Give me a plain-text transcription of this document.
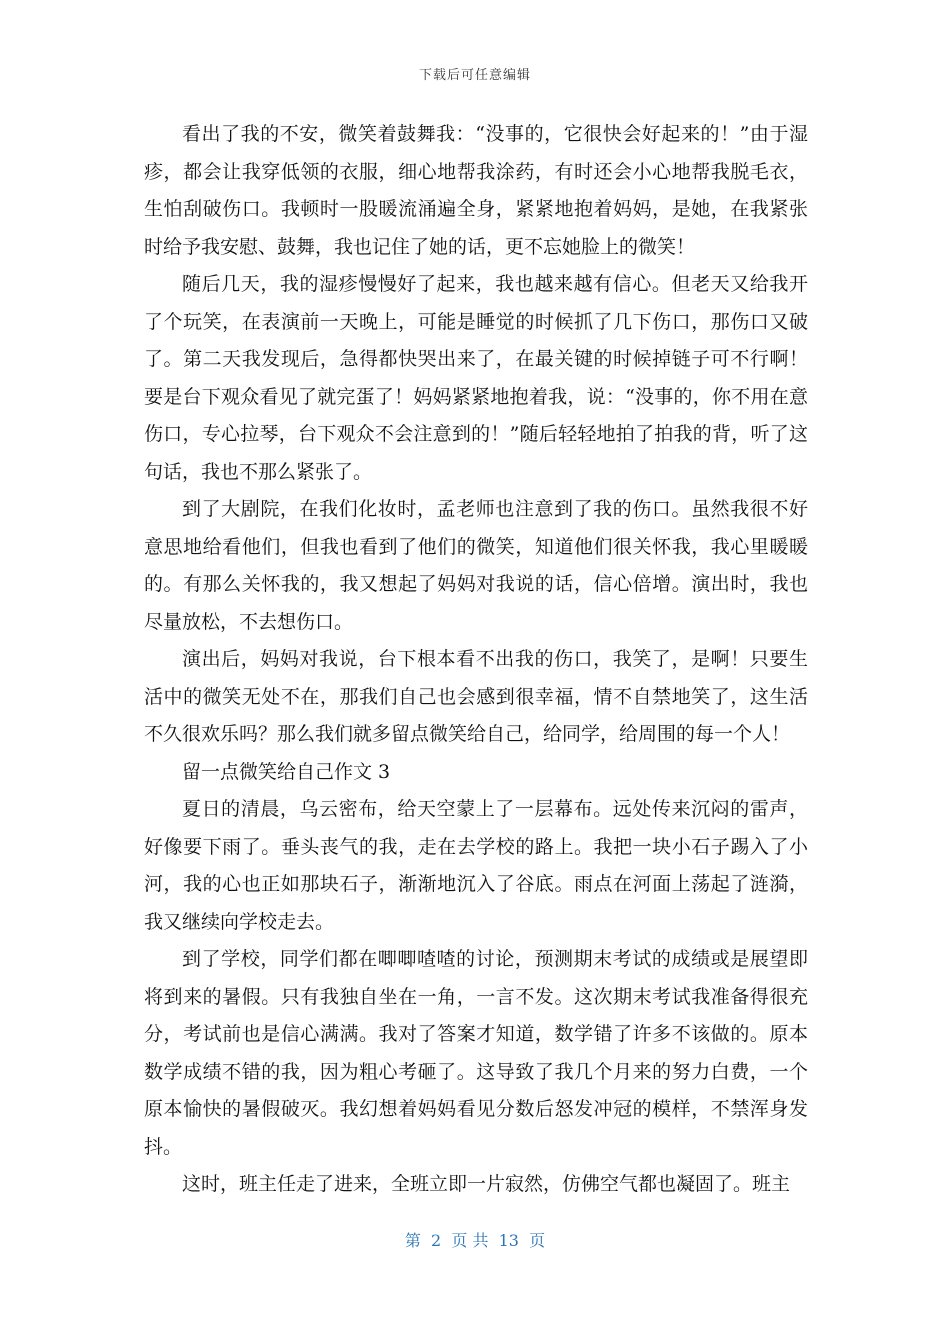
下载后可任意编辑

看出了我的不安，微笑着鼓舞我：“没事的，它很快会好起来的！”由于湿疹，都会让我穿低领的衣服，细心地帮我涂药，有时还会小心地帮我脱毛衣，生怕刮破伤口。我顿时一股暖流涌遍全身，紧紧地抱着妈妈，是她，在我紧张时给予我安慰、鼓舞，我也记住了她的话，更不忘她脸上的微笑！

随后几天，我的湿疹慢慢好了起来，我也越来越有信心。但老天又给我开了个玩笑，在表演前一天晚上，可能是睡觉的时候抓了几下伤口，那伤口又破了。第二天我发现后，急得都快哭出来了，在最关键的时候掉链子可不行啊！要是台下观众看见了就完蛋了！妈妈紧紧地抱着我，说：“没事的，你不用在意伤口，专心拉琴，台下观众不会注意到的！”随后轻轻地拍了拍我的背，听了这句话，我也不那么紧张了。

到了大剧院，在我们化妆时，孟老师也注意到了我的伤口。虽然我很不好意思地给看他们，但我也看到了他们的微笑，知道他们很关怀我，我心里暖暖的。有那么关怀我的，我又想起了妈妈对我说的话，信心倍增。演出时，我也尽量放松，不去想伤口。

演出后，妈妈对我说，台下根本看不出我的伤口，我笑了，是啊！只要生活中的微笑无处不在，那我们自己也会感到很幸福，情不自禁地笑了，这生活不久很欢乐吗？那么我们就多留点微笑给自己，给同学，给周围的每一个人！

留一点微笑给自己作文 3

夏日的清晨，乌云密布，给天空蒙上了一层幕布。远处传来沉闷的雷声，好像要下雨了。垂头丧气的我，走在去学校的路上。我把一块小石子踢入了小河，我的心也正如那块石子，渐渐地沉入了谷底。雨点在河面上荡起了涟漪，我又继续向学校走去。

到了学校，同学们都在唧唧喳喳的讨论，预测期末考试的成绩或是展望即将到来的暑假。只有我独自坐在一角，一言不发。这次期末考试我准备得很充分，考试前也是信心满满。我对了答案才知道，数学错了许多不该做的。原本数学成绩不错的我，因为粗心考砸了。这导致了我几个月来的努力白费，一个原本愉快的暑假破灭。我幻想着妈妈看见分数后怒发冲冠的模样，不禁浑身发抖。

这时，班主任走了进来，全班立即一片寂然，仿佛空气都也凝固了。班主

第  2  页 共  13  页
